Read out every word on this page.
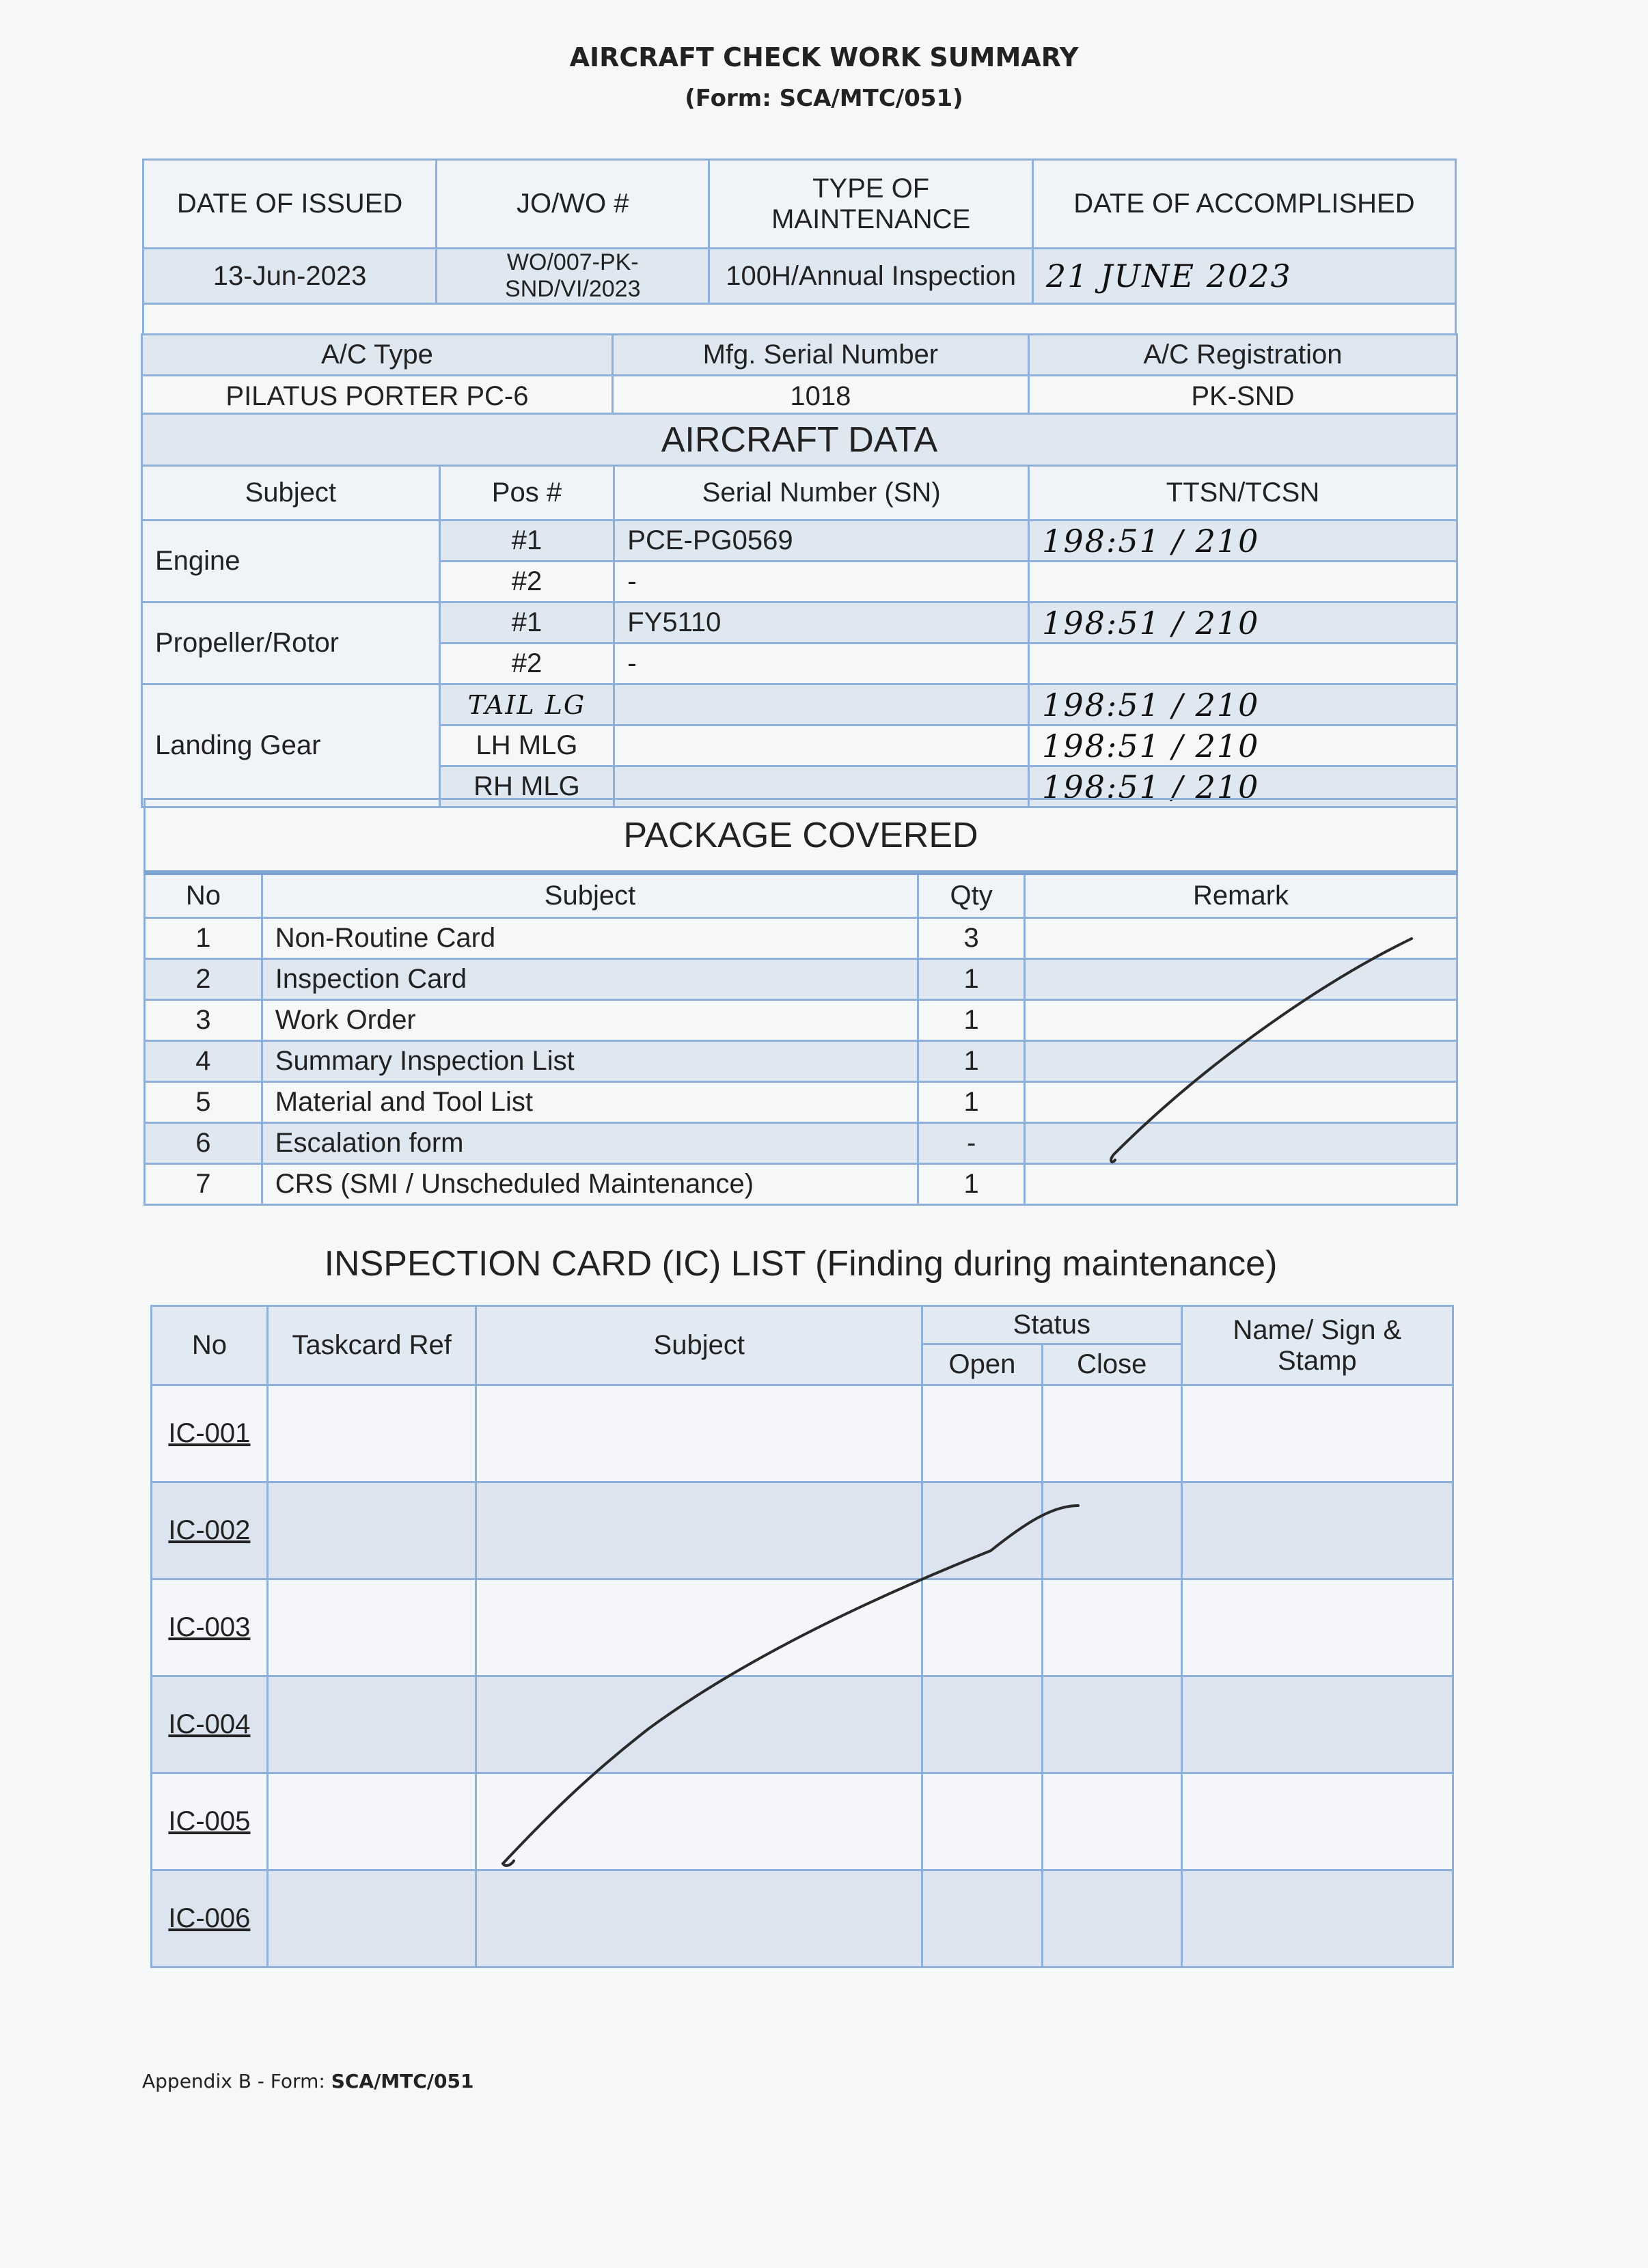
AIRCRAFT CHECK WORK SUMMARY
(Form: SCA/MTC/051)
DATE OF ISSUED	JO/WO #	TYPE OF MAINTENANCE	DATE OF ACCOMPLISHED
13-Jun-2023	WO/007-PK-SND/VI/2023	100H/Annual Inspection	21 JUNE 2023

A/C Type	Mfg. Serial Number	A/C Registration
PILATUS PORTER PC-6	1018	PK-SND
AIRCRAFT DATA			
Subject	Pos #	Serial Number (SN)	TTSN/TCSN
Engine	#1	PCE-PG0569	198:51 / 210
	#2	-	
Propeller/Rotor	#1	FY5110	198:51 / 210
	#2	-	
Landing Gear	TAIL LG		198:51 / 210
	LH MLG		198:51 / 210
	RH MLG		198:51 / 210
PACKAGE COVERED			
No	Subject	Qty	Remark
1	Non-Routine Card	3	
2	Inspection Card	1	
3	Work Order	1	
4	Summary Inspection List	1	
5	Material and Tool List	1	
6	Escalation form	-	
7	CRS (SMI / Unscheduled Maintenance)	1	
INSPECTION CARD (IC) LIST (Finding during maintenance)
No	Taskcard Ref	Subject	Status		Name/ Sign & Stamp
			Open	Close	
IC-001					
IC-002					
IC-003					
IC-004					
IC-005					
IC-006					
Appendix B - Form: SCA/MTC/051
